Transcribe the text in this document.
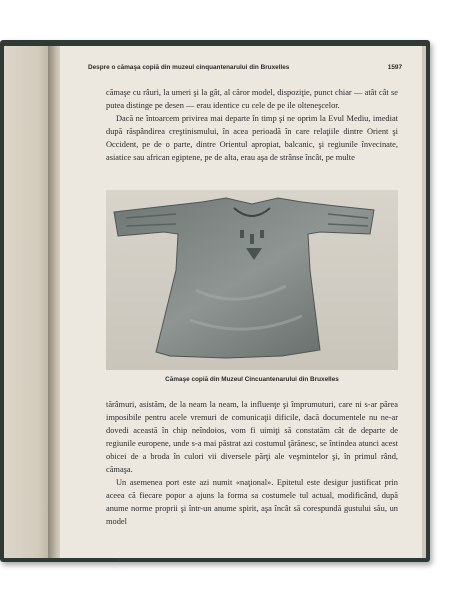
Despre o cămaşa copiă din muzeul cinquantenarului din Bruxelles	1597

cămaşe cu râuri, la umeri şi la gât, al căror model, dispoziţie, punct chiar — atât cât se putea distinge pe desen — erau identice cu cele de pe ile olteneşcelor.

Dacă ne întoarcem privirea mai departe în timp şi ne oprim la Evul Mediu, imediat după răspândirea creştinismului, în acea perioadă în care relaţiile dintre Orient şi Occident, pe de o parte, dintre Orientul apropiat, balcanic, şi regiunile învecinate, asiatice sau african egiptene, pe de alta, erau aşa de strânse încât, pe multe

Cămaşe copiă din Muzeul Cincuantenarului din Bruxelles

tărâmuri, asistăm, de la neam la neam, la influenţe şi împrumuturi, care ni s-ar părea imposibile pentru acele vremuri de comunicaţii dificile, dacă documentele nu ne-ar dovedi această în chip neîndoios, vom fi uimiţi să constatăm cât de departe de regiunile europene, unde s-a mai păstrat azi costumul ţărănesc, se întindea atunci acest obicei de a broda în culori vii diversele părţi ale veşmintelor şi, în primul rând, cămaşa.

Un asemenea port este azi numit «naţional». Epitetul este desigur justificat prin aceea că fiecare popor a ajuns la forma sa costumele tul actual, modificând, după anume norme proprii şi într-un anume spirit, aşa încât să corespundă gustului său, un model
